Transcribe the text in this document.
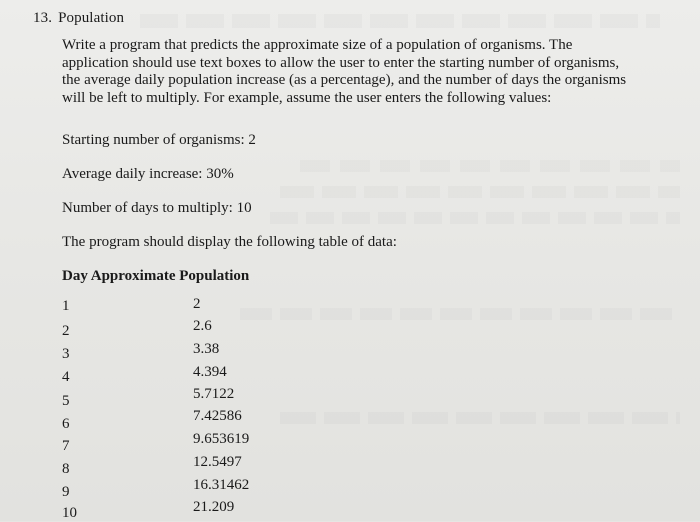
13. Population
Write a program that predicts the approximate size of a population of organisms. The
application should use text boxes to allow the user to enter the starting number of organisms,
the average daily population increase (as a percentage), and the number of days the organisms
will be left to multiply. For example, assume the user enters the following values:
Starting number of organisms: 2
Average daily increase: 30%
Number of days to multiply: 10
The program should display the following table of data:
Day Approximate Population
1	2
2	2.6
3	3.38
4	4.394
5	5.7122
6	7.42586
7	9.653619
8	12.5497
9	16.31462
10	21.209
